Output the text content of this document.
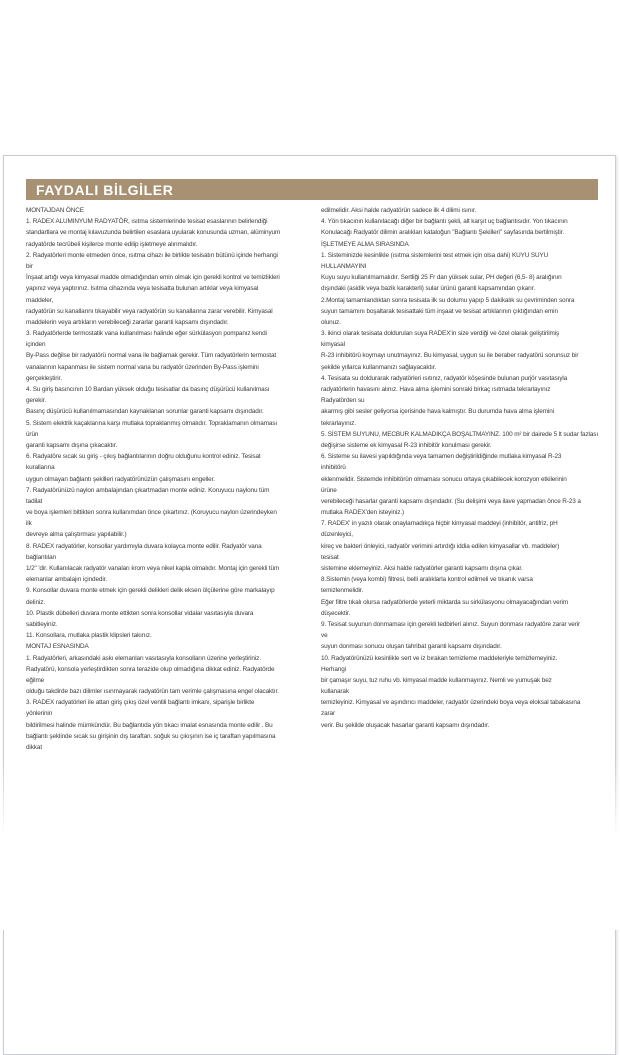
FAYDALI BİLGİLER
MONTAJDAN ÖNCE
1. RADEX ALUMINYUM RADYATÖR, ısıtma sistemlerinde tesisat esaslarının belirlendiği
standartlara ve montaj kılavuzunda belirtilen esaslara uyularak konusunda uzman, alüminyum
radyatörde tecrübeli kişilerce monte edilip işletmeye alınmalıdır.
2. Radyatörleri monte etmeden önce, ısıtma cihazı ile birlikte tesisatın bütünü içinde herhangi
bir
İnşaat artığı veya kimyasal madde olmadığından emin olmak için gerekli kontrol ve temizlikleri
yapınız veya yaptırınız. Isıtma cihazında veya tesisatta bulunan artıklar veya kimyasal
maddeler,
radyatörün su kanallarını tıkayabilir veya radyatörün su kanallarına zarar verebilir. Kimyasal
maddelerin veya artıkların verebileceği zararlar garanti kapsamı dışındadır.
3. Radyatörlerde termostatik vana kullanılması halinde eğer sürkülasyon pompanız kendi
içinden
By-Pass değilse bir radyatörü normal vana ile bağlamak gerekir. Tüm radyatörlerin termostat
vanalarının kapanması ile sistem normal vana bu radyatör üzerinden By-Pass işlemini
gerçekleştirir.
4. Su giriş basıncının 10 Bardan yüksek olduğu tesisatlar da basınç düşürücü kullanılması
gerekir.
Basınç düşürücü kullanılmamasından kaynaklanan sorunlar garanti kapsamı dışındadır.
5. Sistem elektrik kaçaklarına karşı mutlaka topraklanmış olmalıdır. Topraklamanın olmaması
ürün
garanti kapsamı dışına çıkacaktır.
6. Radyatöre sıcak su giriş - çıkış bağlantılarının doğru olduğunu kontrol ediniz. Tesisat
kurallarına
uygun olmayan bağlantı şekilleri radyatörünüzün çalışmasını engeller.
7. Radyatörünüzü naylon ambalajından çıkartmadan monte ediniz. Koruyucu naylonu tüm
tadilat
ve boya işlemleri bittikten sonra kullanımdan önce çıkartınız. (Koruyucu naylon üzerindeyken
ilk
devreye alma çalıştırması yapılabilir.)
8. RADEX radyatörler, konsollar yardımıyla duvara kolayca monte edilir. Radyatör vana
bağlantıları
1/2" 'dir. Kullanılacak radyatör vanaları krom veya nikel kapla olmalıdır. Montaj için gerekli tüm
elemanlar ambalajın içindedir.
9. Konsollar duvara monte etmek için gerekli delikleri delik eksen ölçülerine göre markalayıp
deliniz.
10. Plastik dübelleri duvara monte ettikten sonra konsollar vidalar vasıtasıyla duvara
sabitleyiniz.
11. Konsollara, mutlaka plastik klipsleri takınız.
MONTAJ ESNASINDA
1. Radyatörleri, arkasındaki askı elemanları vasıtasıyla konsolların üzerine yerleştiriniz.
Radyatörü, konsola yerleştirdikten sonra terazide olup olmadığına dikkat ediniz. Radyatörde
eğilme
olduğu takdirde bazı dilimler ısınmayarak radyatörün tam verimle çalışmasına engel olacaktır.
3. RADEX radyatörleri ile attan giriş çıkış özel ventili bağlantı imkanı, siparişle birlikte
yönlerinin
bildirilmesi halinde mümkündür. Bu bağlantıda yön tıkacı imalat esnasında monte edilir . Bu
bağlantı şeklinde sıcak su girişinin dış taraftan. soğuk su çıkışının ise iç taraftan yapılmasına
dikkat
edilmelidir. Aksi halde radyatörün sadece ilk 4 dilimi ısınır.
4. Yön tıkacının kullanılacağı diğer bir bağlantı şekli, alt karşıt uç bağlantısıdır. Yon tıkacının
Konulacağı Radyatör dilimin aralıkları kataloğun "Bağlantı Şekilleri" sayfasında bertilmiştir.
İŞLETMEYE ALMA SIRASINDA
1. Sisteminizde kesinlikle (ısıtma sistemlerini test etmek için olsa dahi) KUYU SUYU
HULLANMAYINI
Kuyu suyu kullanılmamalıdır. Sertliği 25 Fr dan yüksek sular, PH değeri (6,5- 8) aralığının
dışındaki (asidik veya bazik karakterli) sular ürünü garanti kapsamından çıkarır.
2.Montaj tamamlandıktan sonra tesisata ilk su dolumu yapıp 5 dakikalık su çevriminden sonra
suyun tamamını boşaltarak tesisattaki tüm inşaat ve tesisat artıklarının çıktığından emin
olunuz.
3. ikinci olarak tesisata doldurulan suya RADEX'in size verdiği ve özel olarak geliştirilmiş
kimyasal
R-23 inhibitörü koymayı unutmayınız. Bu kimyasal, uygun su ile beraber radyatörü sorunsuz bir
şekilde yıllarca kullanmanızı sağlayacaktır.
4. Tesisata su doldurarak radyatörleri ısıtınız, radyatör köşesinde bulunan purjör vasıtasıyla
radyatörlerin havasını alınız. Hava alma işlemini sonraki birkaç ısıtmada tekrarlayınız
Radyatörden su
akarmış gibi sesler geliyorsa içerisinde hava kalmıştır. Bu durumda hava alma işlemini
tekrarlayınız.
5. SİSTEM SUYUNU, MECBUR KALMADIKÇA BOŞALTMAYINZ. 100 m² bir dairede 5 lt sudar fazlası
değişirse sisteme ek kimyasal R-23 inhibitör konulması gerekir.
6. Sisteme su ilavesi yapıldığında veya tamamen değiştirildiğinde mutlaka kimyasal R-23
inhibitörü
eklenmelidir. Sistemde inhibitörün olmaması sonucu ortaya çıkabilecek korozyon etkilerinin
ürüne
verebileceği hasarlar garanti kapsamı dışındadır. (Su delişimi veya ilave yapmadan önce R-23 a
mutlaka RADEX'den isteyiniz.)
7. RADEX' in yazılı olarak onaylamadıkça hiçbir kimyasal maddeyi (inhibitör, antifriz, pH
düzenleyici,
kireç ve bakteri önleyici, radyatör verimini artırdığı iddia edilen kimyasallar vb. maddeler)
tesisat
sistemine eklemeyiniz. Aksi halde radyatörler garanti kapsamı dışına çıkar.
8.Sistemin (veya kombi) filtresi, belli aralıklarla kontrol edilmeli ve tıkanık varsa
temizlenmelidir.
Eğer filtre tıkalı olursa radyatörlerde yeterli miktarda su sirkülasyonu olmayacağından verim
düşecektir.
9. Tesisat suyunun donmaması için gerekli tedbirleri alınız. Suyun donması radyatöre zarar verir
ve
suyun donması sonucu oluşan tahribat garanti kapsamı dışındadır.
10. Radyatörünüzü kesinlikle sert ve iz bırakan temizleme maddeleriyle temizlemeyiniz.
Herhangi
bir çamaşır suyu, tuz ruhu vb. kimyasal madde kullanmayınız. Nemli ve yumuşak bez
kullanarak
temizleyiniz. Kimyasal ve aşındırıcı maddeler, radyatör üzerindeki boya veya eloksal tabakasına
zarar
verir. Bu şekilde oluşacak hasarlar garanti kapsamı dışındadır.
